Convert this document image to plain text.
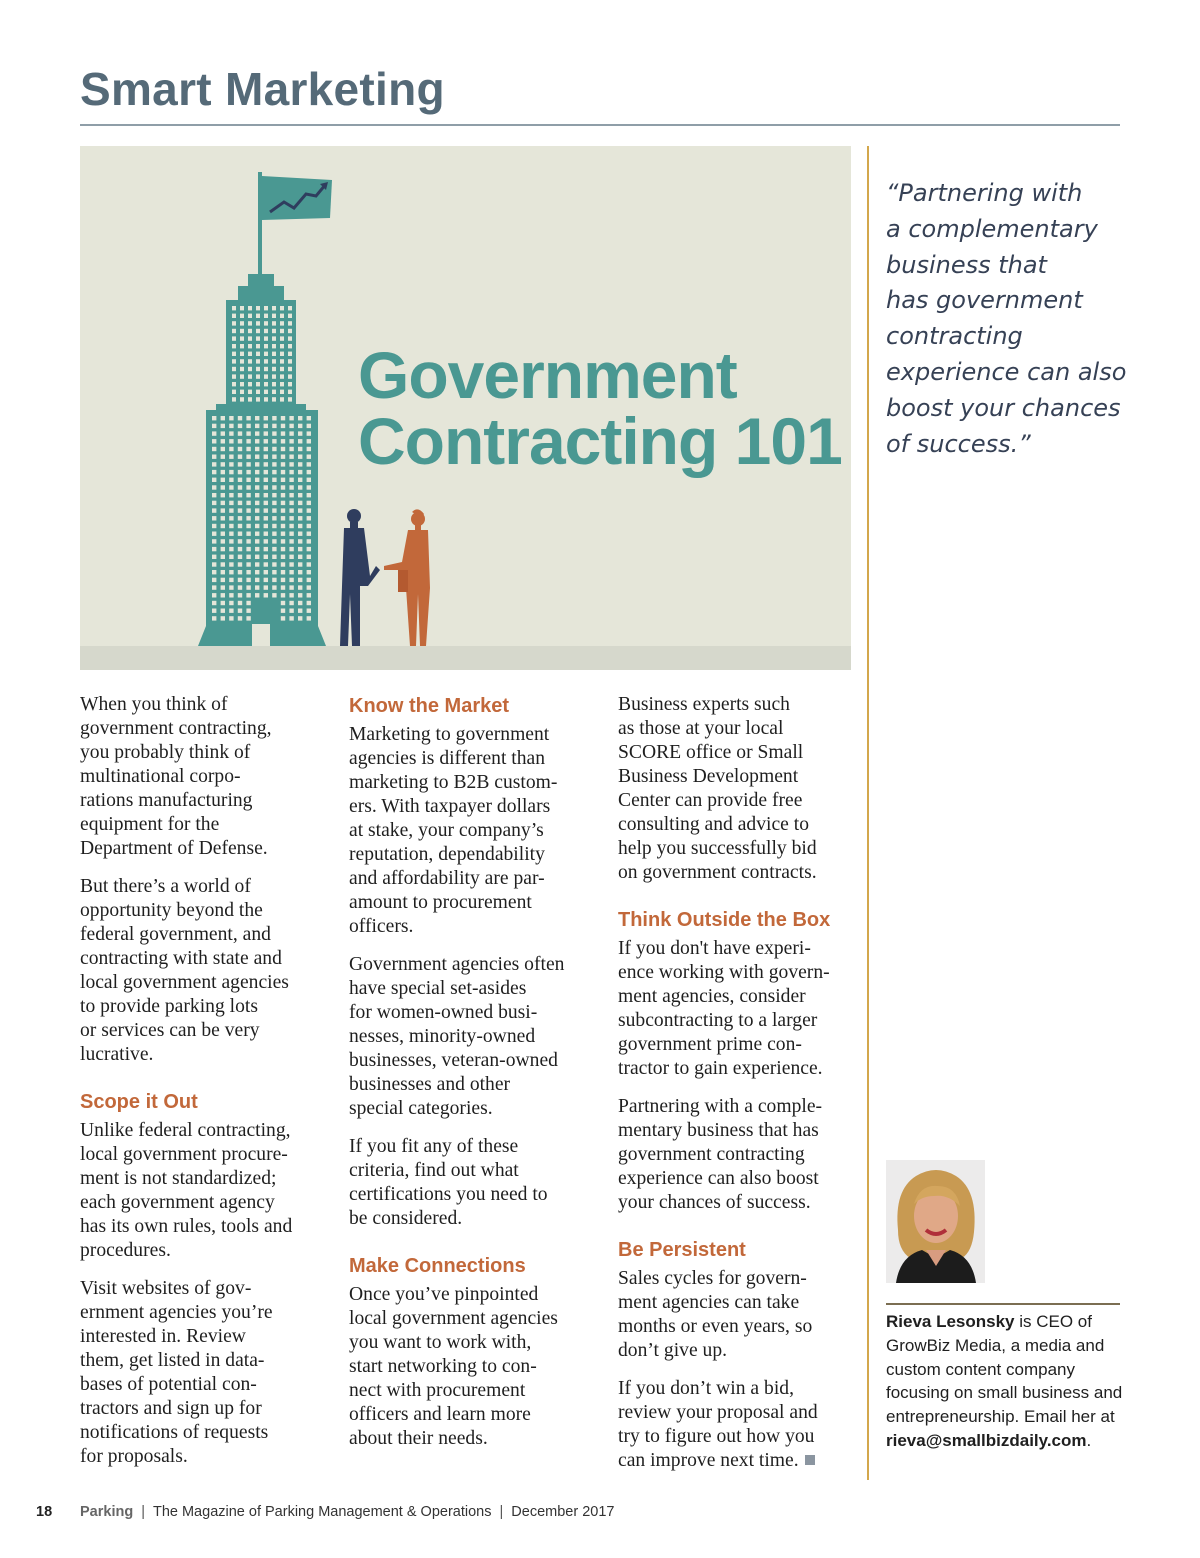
Smart Marketing
Government
Contracting 101
“Partnering with
a complementary
business that
has government
contracting
experience can also
boost your chances
of success.”

When you think of
government contracting,
you probably think of
multinational corpo-
rations manufacturing
equipment for the
Department of Defense.

But there’s a world of
opportunity beyond the
federal government, and
contracting with state and
local government agencies
to provide parking lots
or services can be very
lucrative.

Scope it Out

Unlike federal contracting,
local government procure-
ment is not standardized;
each government agency
has its own rules, tools and
procedures.

Visit websites of gov-
ernment agencies you’re
interested in. Review
them, get listed in data-
bases of potential con-
tractors and sign up for
notifications of requests
for proposals.

Know the Market

Marketing to government
agencies is different than
marketing to B2B custom-
ers. With taxpayer dollars
at stake, your company’s
reputation, dependability
and affordability are par-
amount to procurement
officers.

Government agencies often
have special set-asides
for women-owned busi-
nesses, minority-owned
businesses, veteran-owned
businesses and other
special categories.

If you fit any of these
criteria, find out what
certifications you need to
be considered.

Make Connections

Once you’ve pinpointed
local government agencies
you want to work with,
start networking to con-
nect with procurement
officers and learn more
about their needs.

Business experts such
as those at your local
SCORE office or Small
Business Development
Center can provide free
consulting and advice to
help you successfully bid
on government contracts.

Think Outside the Box

If you don't have experi-
ence working with govern-
ment agencies, consider
subcontracting to a larger
government prime con-
tractor to gain experience.

Partnering with a comple-
mentary business that has
government contracting
experience can also boost
your chances of success.

Be Persistent

Sales cycles for govern-
ment agencies can take
months or even years, so
don’t give up.

If you don’t win a bid,
review your proposal and
try to figure out how you
can improve next time.

Rieva Lesonsky is CEO of
GrowBiz Media, a media and
custom content company
focusing on small business and
entrepreneurship. Email her at
rieva@smallbizdaily.com.
18 Parking | The Magazine of Parking Management & Operations | December 2017
